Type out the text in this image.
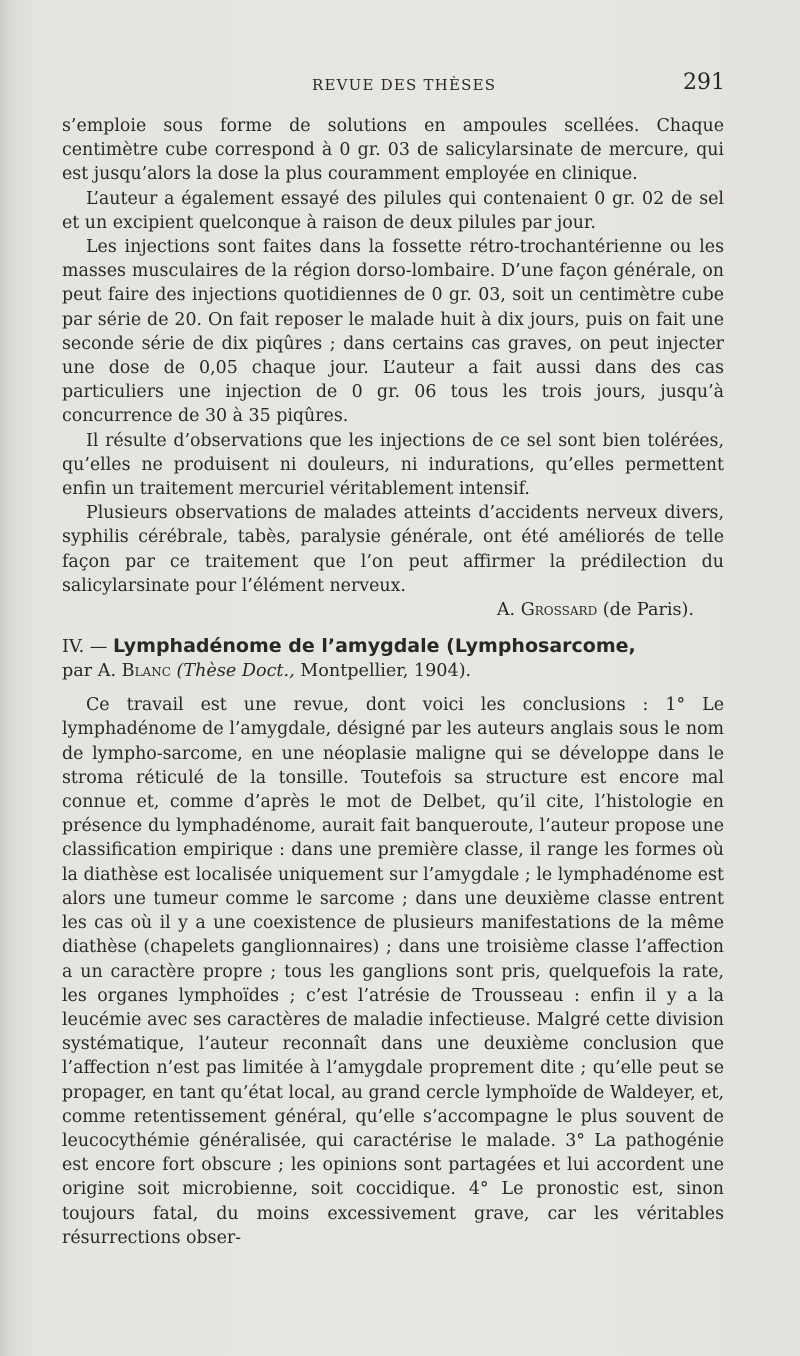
REVUE DES THÈSES	291

s’emploie sous forme de solutions en ampoules scellées. Chaque centimètre cube correspond à 0 gr. 03 de salicylarsinate de mercure, qui est jusqu’alors la dose la plus couramment employée en clinique.

L’auteur a également essayé des pilules qui contenaient 0 gr. 02 de sel et un excipient quelconque à raison de deux pilules par jour.

Les injections sont faites dans la fossette rétro-trochantérienne ou les masses musculaires de la région dorso-lombaire. D’une façon générale, on peut faire des injections quotidiennes de 0 gr. 03, soit un centimètre cube par série de 20. On fait reposer le malade huit à dix jours, puis on fait une seconde série de dix piqûres ; dans certains cas graves, on peut injecter une dose de 0,05 chaque jour. L’auteur a fait aussi dans des cas particuliers une injection de 0 gr. 06 tous les trois jours, jusqu’à concurrence de 30 à 35 piqûres.

Il résulte d’observations que les injections de ce sel sont bien tolérées, qu’elles ne produisent ni douleurs, ni indurations, qu’elles permettent enfin un traitement mercuriel véritablement intensif.

Plusieurs observations de malades atteints d’accidents nerveux divers, syphilis cérébrale, tabès, paralysie générale, ont été améliorés de telle façon par ce traitement que l’on peut affirmer la prédilection du salicylarsinate pour l’élément nerveux.

A. Grossard (de Paris).

IV. — Lymphadénome de l’amygdale (Lymphosarcome,
par A. Blanc (Thèse Doct., Montpellier, 1904).

Ce travail est une revue, dont voici les conclusions : 1° Le lymphadénome de l’amygdale, désigné par les auteurs anglais sous le nom de lympho-sarcome, en une néoplasie maligne qui se développe dans le stroma réticulé de la tonsille. Toutefois sa structure est encore mal connue et, comme d’après le mot de Delbet, qu’il cite, l’histologie en présence du lymphadénome, aurait fait banqueroute, l’auteur propose une classification empirique : dans une première classe, il range les formes où la diathèse est localisée uniquement sur l’amygdale ; le lymphadénome est alors une tumeur comme le sarcome ; dans une deuxième classe entrent les cas où il y a une coexistence de plusieurs manifestations de la même diathèse (chapelets ganglionnaires) ; dans une troisième classe l’affection a un caractère propre ; tous les ganglions sont pris, quelquefois la rate, les organes lymphoïdes ; c’est l’atrésie de Trousseau : enfin il y a la leucémie avec ses caractères de maladie infectieuse. Malgré cette division systématique, l’auteur reconnaît dans une deuxième conclusion que l’affection n’est pas limitée à l’amygdale proprement dite ; qu’elle peut se propager, en tant qu’état local, au grand cercle lymphoïde de Waldeyer, et, comme retentissement général, qu’elle s’accompagne le plus souvent de leucocythémie généralisée, qui caractérise le malade. 3° La pathogénie est encore fort obscure ; les opinions sont partagées et lui accordent une origine soit microbienne, soit coccidique. 4° Le pronostic est, sinon toujours fatal, du moins excessivement grave, car les véritables résurrections obser-
